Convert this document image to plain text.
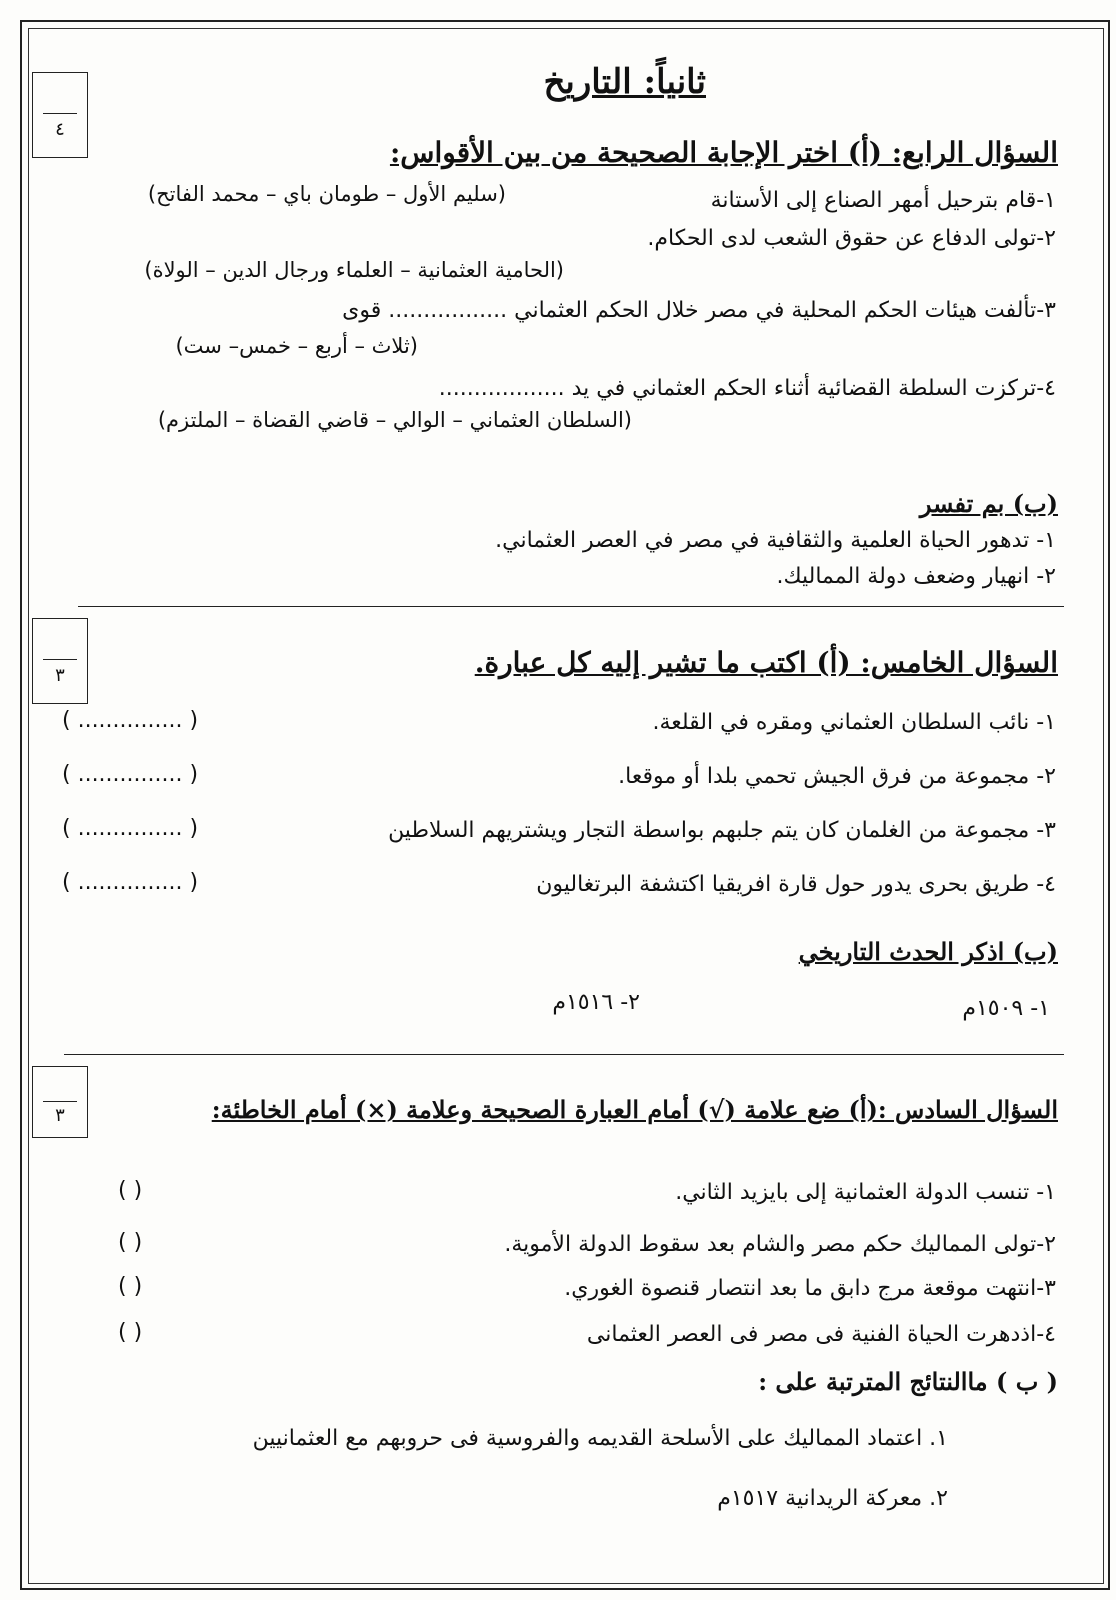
ثانياً: التاريخ
٤
السؤال الرابع: (أ) اختر الإجابة الصحيحة من بين الأقواس:
١-قام بترحيل أمهر الصناع إلى الأستانة
(سليم الأول – طومان باي – محمد الفاتح)
٢-تولى الدفاع عن حقوق الشعب لدى الحكام.
(الحامية العثمانية – العلماء ورجال الدين – الولاة)
٣-تألفت هيئات الحكم المحلية في مصر خلال الحكم العثماني ................. قوى
(ثلاث – أربع – خمس– ست)
٤-تركزت السلطة القضائية أثناء الحكم العثماني في يد ..................
(السلطان العثماني – الوالي – قاضي القضاة – الملتزم)
(ب) بم تفسر
١- تدهور الحياة العلمية والثقافية في مصر في العصر العثماني.
٢- انهيار وضعف دولة المماليك.
٣	السؤال الخامس: (أ) اكتب ما تشير إليه كل عبارة.
١- نائب السلطان العثماني ومقره في القلعة.
( ............... )
٢- مجموعة من فرق الجيش تحمي بلدا أو موقعا.
( ............... )
٣- مجموعة من الغلمان كان يتم جلبهم بواسطة التجار ويشتريهم السلاطين
( ............... )
٤- طريق بحرى يدور حول قارة افريقيا اكتشفة البرتغاليون
( ............... )
(ب) اذكر الحدث التاريخي
١- ١٥٠٩م
٢- ١٥١٦م
٣	السؤال السادس :(أ) ضع علامة (√) أمام العبارة الصحيحة وعلامة (×) أمام الخاطئة:
١- تنسب الدولة العثمانية إلى بايزيد الثاني.
( )
٢-تولى المماليك حكم مصر والشام بعد سقوط الدولة الأموية.
( )
٣-انتهت موقعة مرج دابق ما بعد انتصار قنصوة الغوري.
( )
٤-اذدهرت الحياة الفنية فى مصر فى العصر العثمانى
( )
( ب ) ماالنتائج المترتبة على :
١. اعتماد المماليك على الأسلحة القديمه والفروسية فى حروبهم مع العثمانيين
٢. معركة الريدانية ١٥١٧م
